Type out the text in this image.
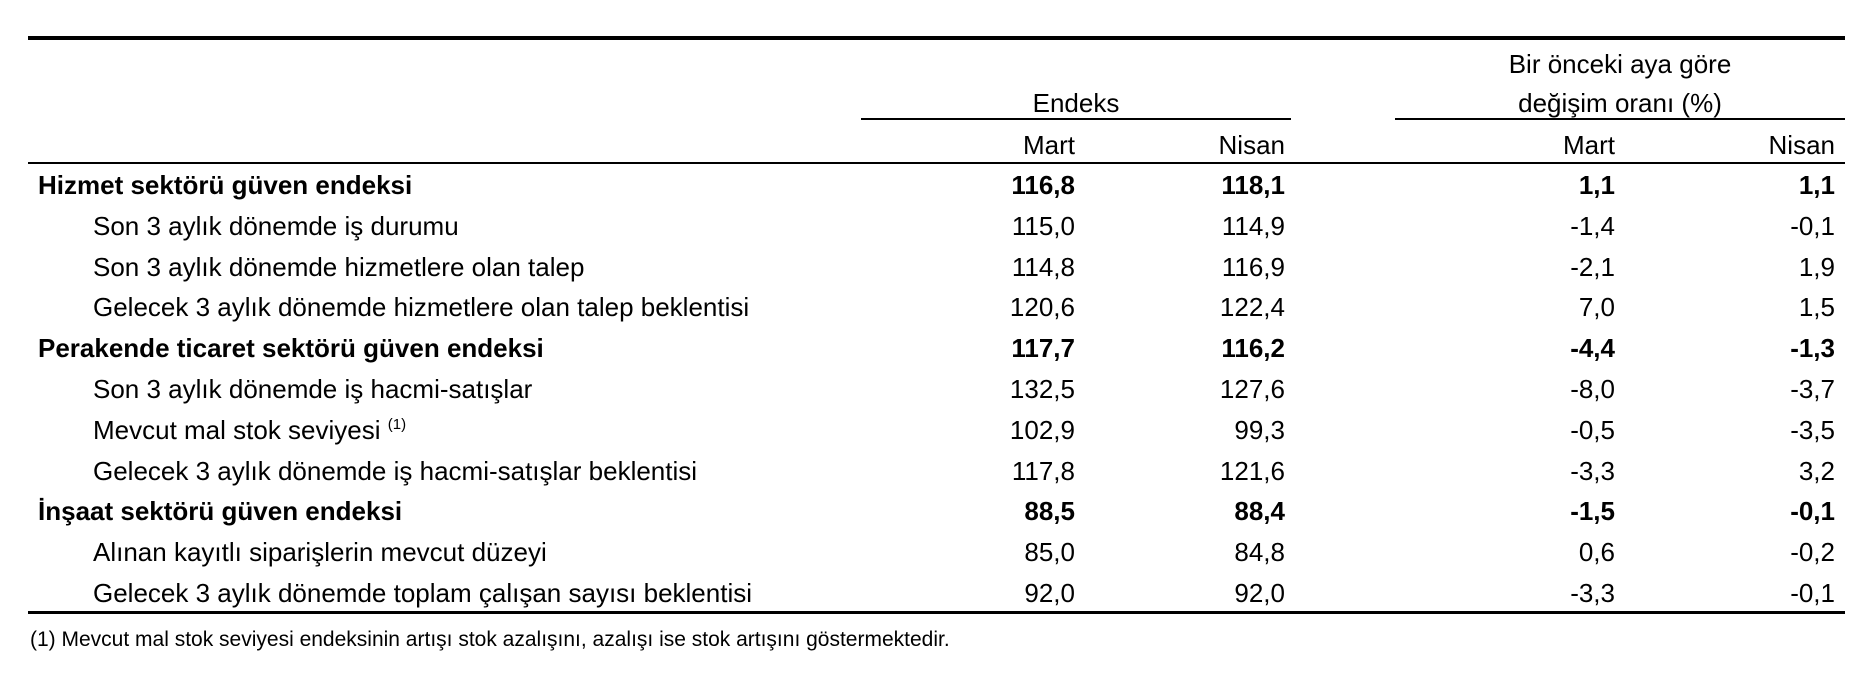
Endeks
Bir önceki aya göre
değişim oranı (%)
Mart	Nisan	Mart	Nisan
Hizmet sektörü güven endeksi	116,8	118,1	1,1	1,1
Son 3 aylık dönemde iş durumu	115,0	114,9	-1,4	-0,1
Son 3 aylık dönemde hizmetlere olan talep	114,8	116,9	-2,1	1,9
Gelecek 3 aylık dönemde hizmetlere olan talep beklentisi	120,6	122,4	7,0	1,5
Perakende ticaret sektörü güven endeksi	117,7	116,2	-4,4	-1,3
Son 3 aylık dönemde iş hacmi-satışlar	132,5	127,6	-8,0	-3,7
Mevcut mal stok seviyesi $^{(1)}$	102,9	99,3	-0,5	-3,5
Gelecek 3 aylık dönemde iş hacmi-satışlar beklentisi	117,8	121,6	-3,3	3,2
İnşaat sektörü güven endeksi	88,5	88,4	-1,5	-0,1
Alınan kayıtlı siparişlerin mevcut düzeyi	85,0	84,8	0,6	-0,2
Gelecek 3 aylık dönemde toplam çalışan sayısı beklentisi	92,0	92,0	-3,3	-0,1
(1) Mevcut mal stok seviyesi endeksinin artışı stok azalışını, azalışı ise stok artışını göstermektedir.
